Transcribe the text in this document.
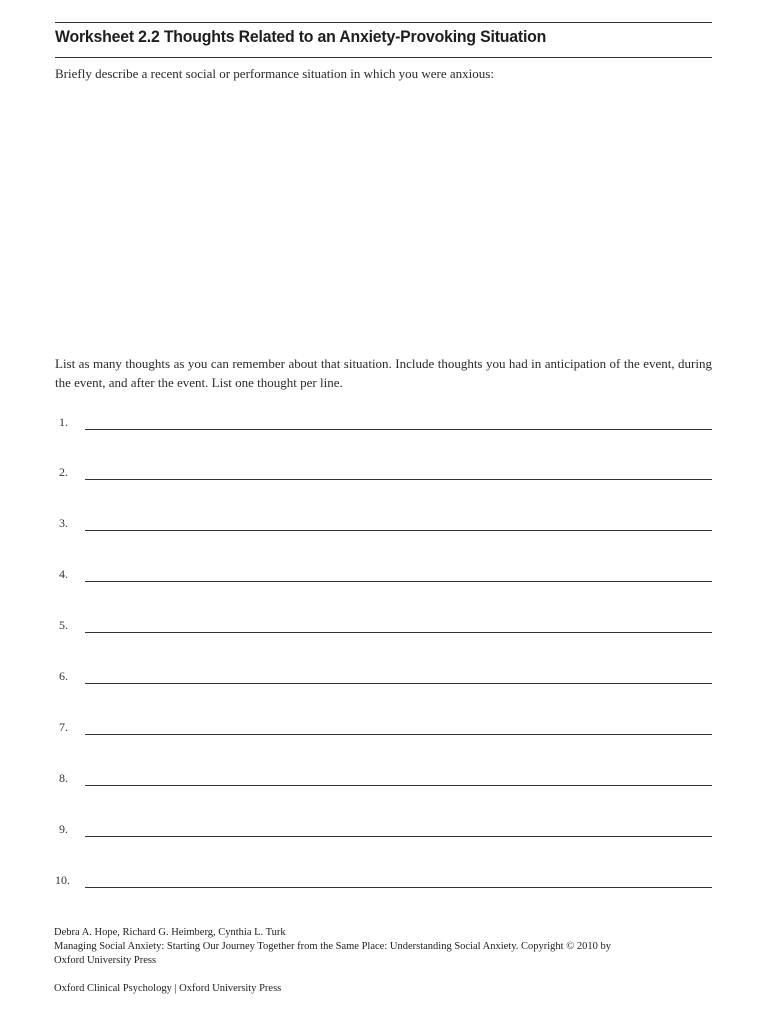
Worksheet 2.2 Thoughts Related to an Anxiety-Provoking Situation
Briefly describe a recent social or performance situation in which you were anxious:
List as many thoughts as you can remember about that situation. Include thoughts you had in anticipation of the event, during the event, and after the event. List one thought per line.
1.
2.
3.
4.
5.
6.
7.
8.
9.
10.
Debra A. Hope, Richard G. Heimberg, Cynthia L. Turk
Managing Social Anxiety: Starting Our Journey Together from the Same Place: Understanding Social Anxiety. Copyright © 2010 by
Oxford University Press
Oxford Clinical Psychology | Oxford University Press
